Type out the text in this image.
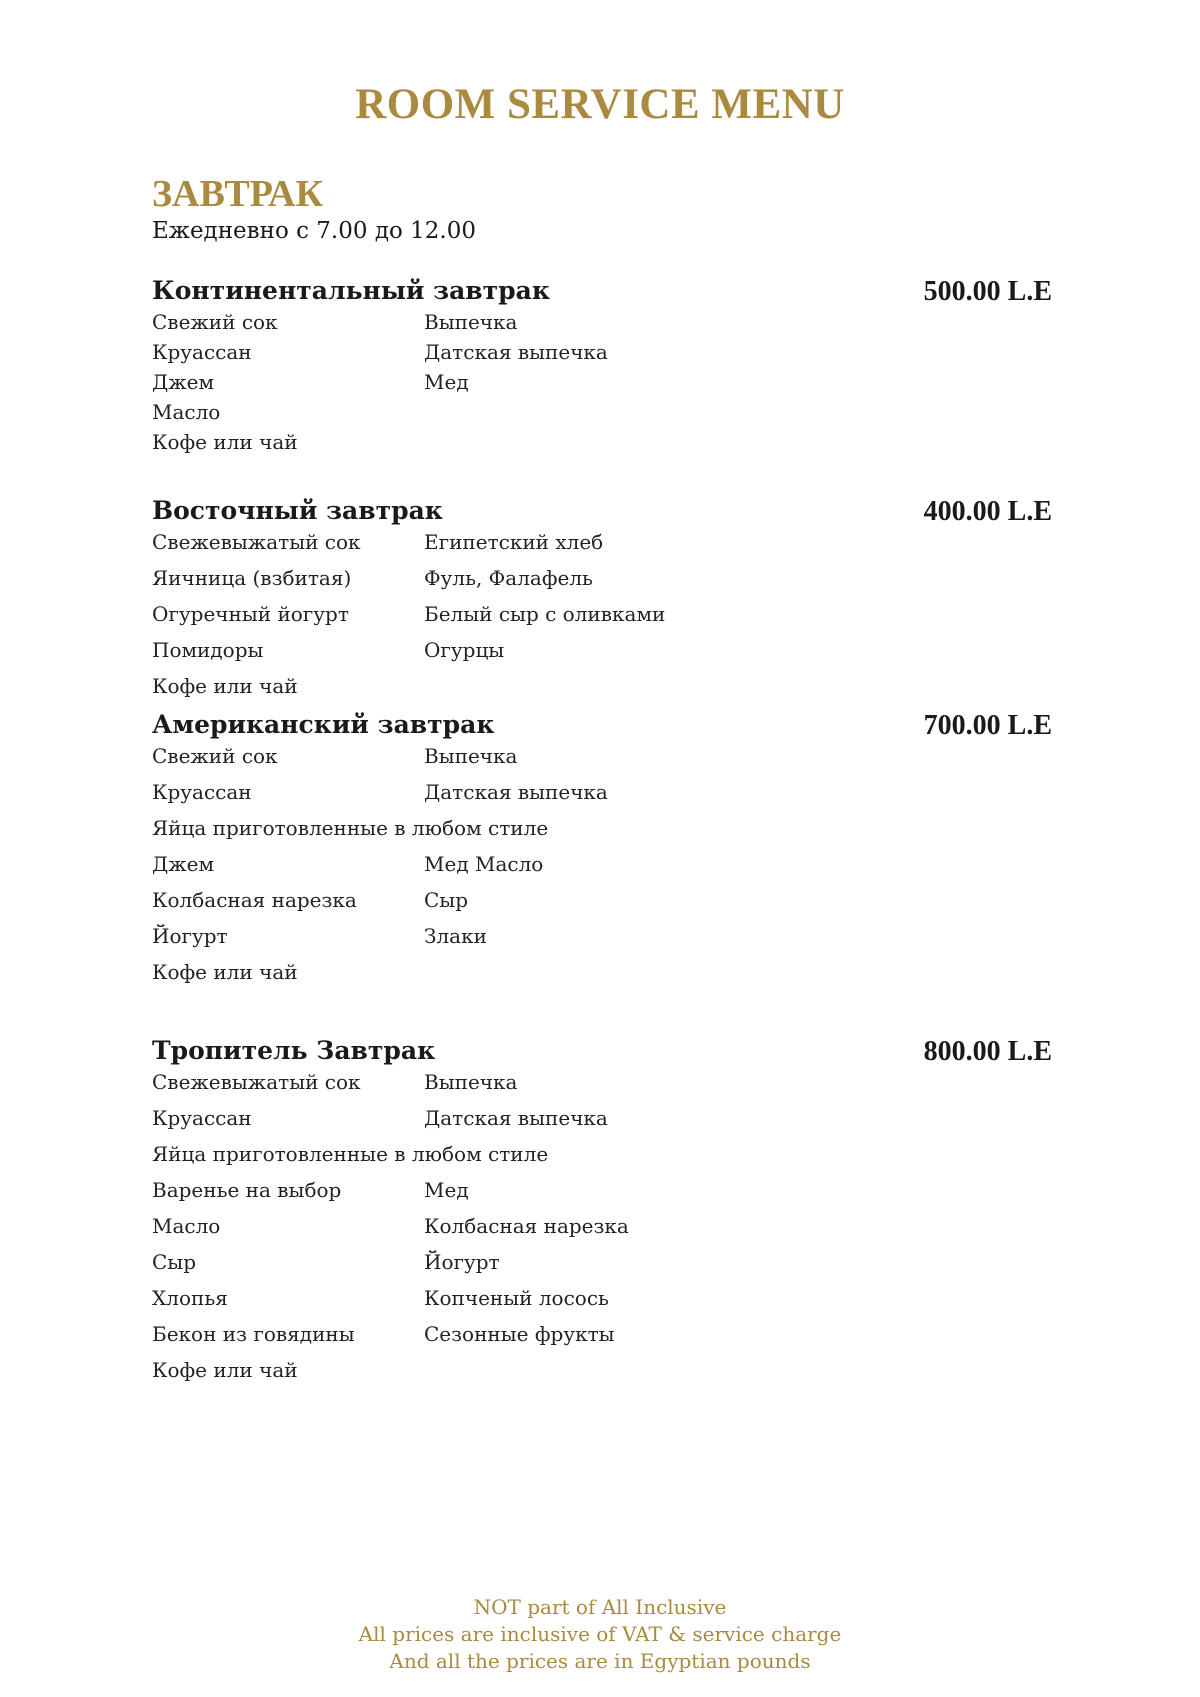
ROOM SERVICE MENU
ЗАВТРАК
Ежедневно с 7.00 до 12.00
Континентальный завтрак	500.00 L.E
Свежий сок	Выпечка
Круассан	Датская выпечка
Джем	Мед
Масло
Кофе или чай
Восточный завтрак	400.00 L.E
Свежевыжатый сок	Египетский хлеб
Яичница (взбитая)	Фуль, Фалафель
Огуречный йогурт	Белый сыр с оливками
Помидоры	Огурцы
Кофе или чай
Американский завтрак	700.00 L.E
Свежий сок	Выпечка
Круассан	Датская выпечка
Яйца приготовленные в любом стиле
Джем	Мед Масло
Колбасная нарезка	Сыр
Йогурт	Злаки
Кофе или чай
Тропитель Завтрак	800.00 L.E
Свежевыжатый сок	Выпечка
Круассан	Датская выпечка
Яйца приготовленные в любом стиле
Варенье на выбор	Мед
Масло	Колбасная нарезка
Сыр	Йогурт
Хлопья	Копченый лосось
Бекон из говядины	Сезонные фрукты
Кофе или чай
NOT part of All Inclusive
All prices are inclusive of VAT & service charge
And all the prices are in Egyptian pounds
